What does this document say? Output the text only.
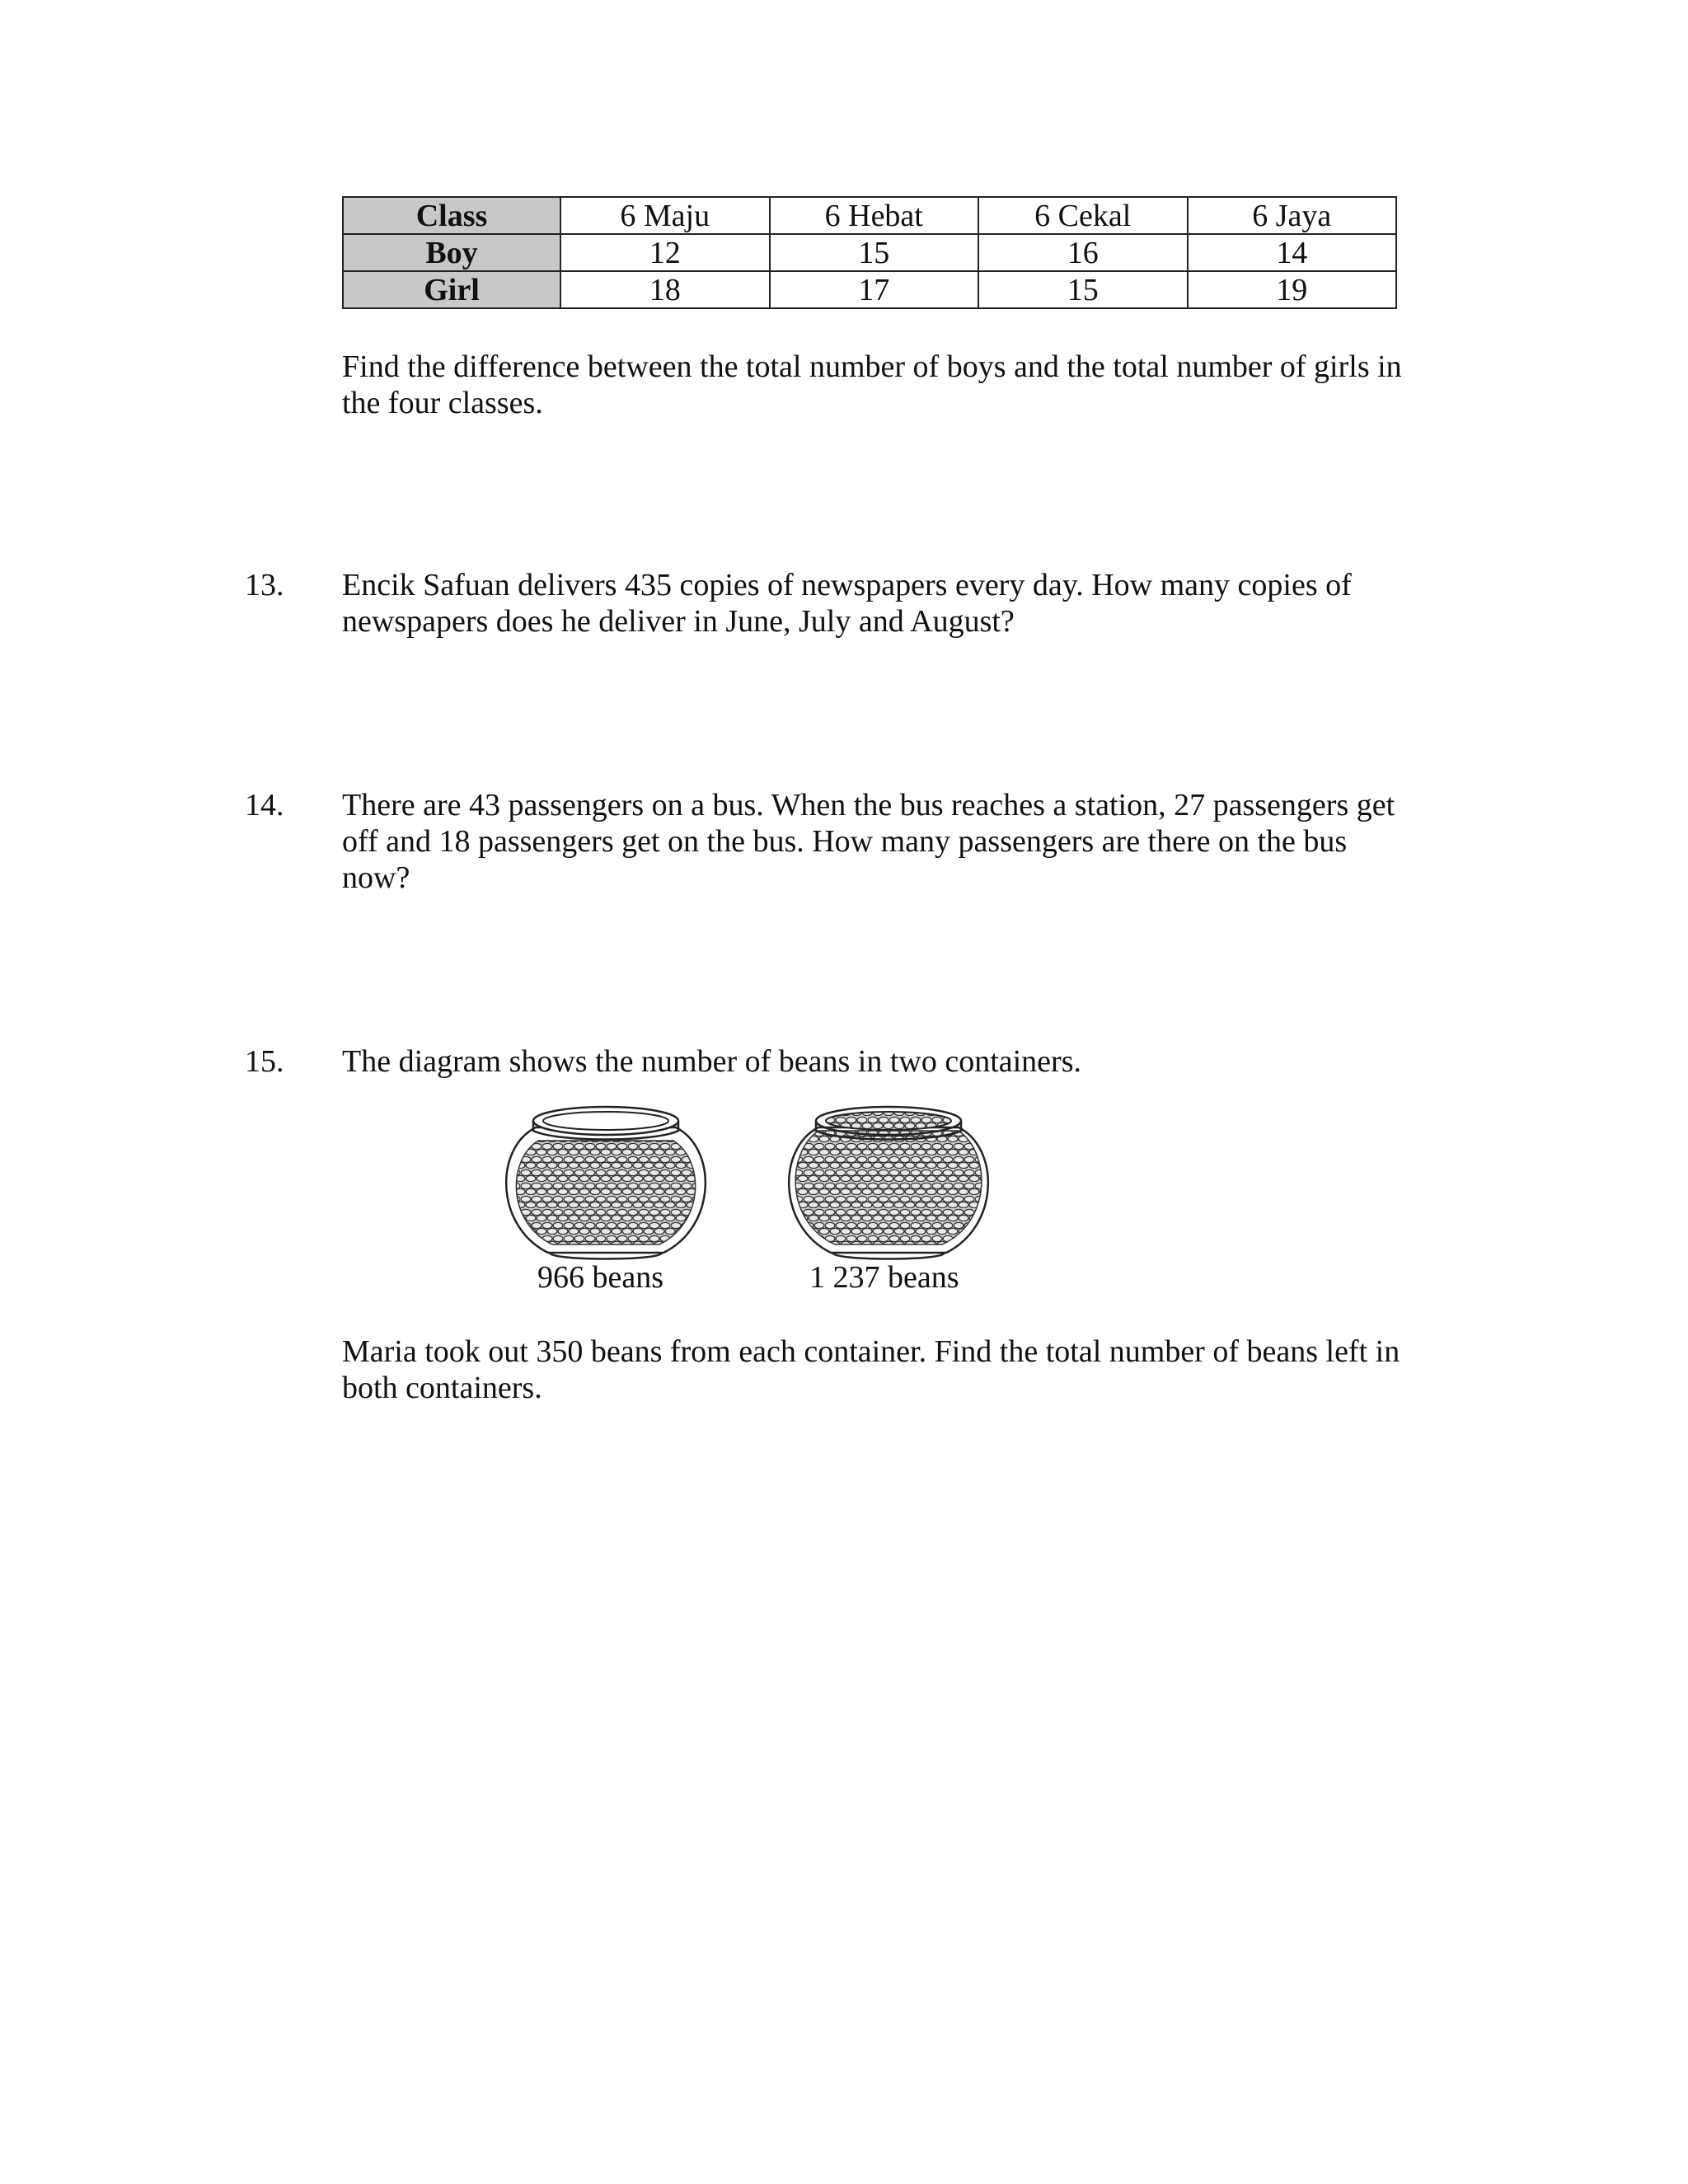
Class	6 Maju	6 Hebat	6 Cekal	6 Jaya
Boy	12	15	16	14
Girl	18	17	15	19
Find the difference between the total number of boys and the total number of girls in the four classes.
13. Encik Safuan delivers 435 copies of newspapers every day. How many copies of newspapers does he deliver in June, July and August?
14. There are 43 passengers on a bus. When the bus reaches a station, 27 passengers get off and 18 passengers get on the bus. How many passengers are there on the bus now?
15. The diagram shows the number of beans in two containers.
966 beans	1 237 beans
Maria took out 350 beans from each container. Find the total number of beans left in both containers.
